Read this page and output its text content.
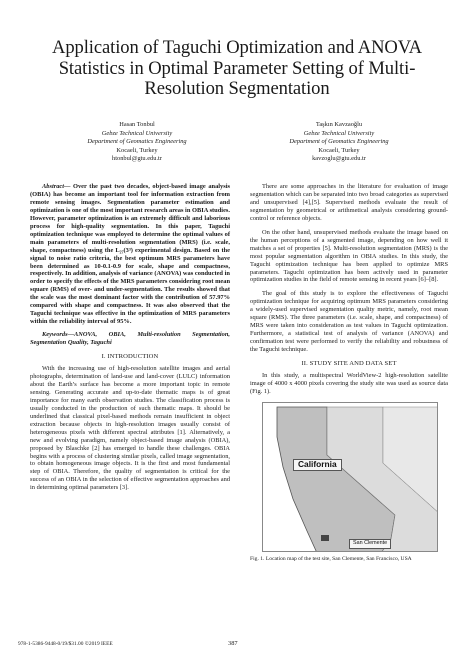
Application of Taguchi Optimization and ANOVA Statistics in Optimal Parameter Setting of Multi-Resolution Segmentation
Hasan Tonbul
Gebze Technical University
Department of Geomatics Engineering
Kocaeli, Turkey
htonbul@gtu.edu.tr
Taşkın Kavzaoğlu
Gebze Technical University
Department of Geomatics Engineering
Kocaeli, Turkey
kavzoglu@gtu.edu.tr
Abstract— Over the past two decades, object-based image analysis (OBIA) has become an important tool for information extraction from remote sensing images. Segmentation parameter estimation and optimization is one of the most important research areas in OBIA studies. However, parameter optimization is an extremely difficult and laborious process for high-quality segmentation. In this paper, Taguchi optimization technique was employed to determine the optimal values of main parameters of multi-resolution segmentation (MRS) (i.e. scale, shape, compactness) using the L₂₇(3³) experimental design. Based on the signal to noise ratio criteria, the best optimum MRS parameters have been determined as 10-0.1-0.9 for scale, shape and compactness, respectively. In addition, analysis of variance (ANOVA) was conducted in order to specify the effects of the MRS parameters considering root mean square (RMS) of over- and under-segmentation. The results showed that the scale was the most dominant factor with the contribution of 57.97% compared with shape and compactness. It was also observed that the Taguchi technique was effective in the optimization of MRS parameters within the reliability interval of 95%.
Keywords—ANOVA, OBIA, Multi-resolution Segmentation, Segmentation Quality, Taguchi
I. INTRODUCTION

With the increasing use of high-resolution satellite images and aerial photographs, determination of land-use and land-cover (LULC) information about the Earth’s surface has become a more important topic in remote sensing. Generating accurate and up-to-date thematic maps is of great importance for many earth observation studies. The classification process is usually conducted in the production of such thematic maps. It should be underlined that classical pixel-based methods remain insufficient in object extraction because objects in high-resolution images usually consist of heterogeneous pixels with different spectral attributes [1]. Alternatively, a new and evolving paradigm, namely object-based image analysis (OBIA), proposed by Blaschke [2] has emerged to handle these challenges. OBIA begins with a process of clustering similar pixels, called image segmentation, to obtain homogeneous image objects. It is the first and most fundamental step of OBIA. Therefore, the quality of segmentation is critical for the success of an OBIA in the selection of effective segmentation approaches and in determining optimal parameters [3].

There are some approaches in the literature for evaluation of image segmentation which can be separated into two broad categories as supervised and unsupervised [4],[5]. Supervised methods evaluate the result of segmentation by geometrical or arithmetical analysis considering ground-control or reference objects.

On the other hand, unsupervised methods evaluate the image based on the human perceptions of a segmented image, depending on how well it matches a set of properties [5]. Multi-resolution segmentation (MRS) is the most popular segmentation algorithm in OBIA studies. In this study, the Taguchi optimization technique has been applied to optimize MRS parameters. Taguchi optimization has been actively used in parameter optimization studies in the field of remote sensing in recent years [6]–[8].

The goal of this study is to explore the effectiveness of Taguchi optimization technique for acquiring optimum MRS parameters considering a widely-used supervised segmentation quality metric, namely, root mean square (RMS). The three parameters (i.e. scale, shape, and compactness) of MRS were taken into consideration as test values in Taguchi optimization. Furthermore, a statistical test of analysis of variance (ANOVA) and confirmation test were performed to verify the reliability and robustness of the Taguchi technique.

II. STUDY SITE AND DATA SET

In this study, a multispectral WorldView-2 high-resolution satellite image of 4000 x 4000 pixels covering the study site was used as source data (Fig. 1).

California
San Clemente
Fig. 1. Location map of the test site, San Clemente, San Francisco, USA
978-1-5386-9448-0/19/$31.00 ©2019 IEEE	387
